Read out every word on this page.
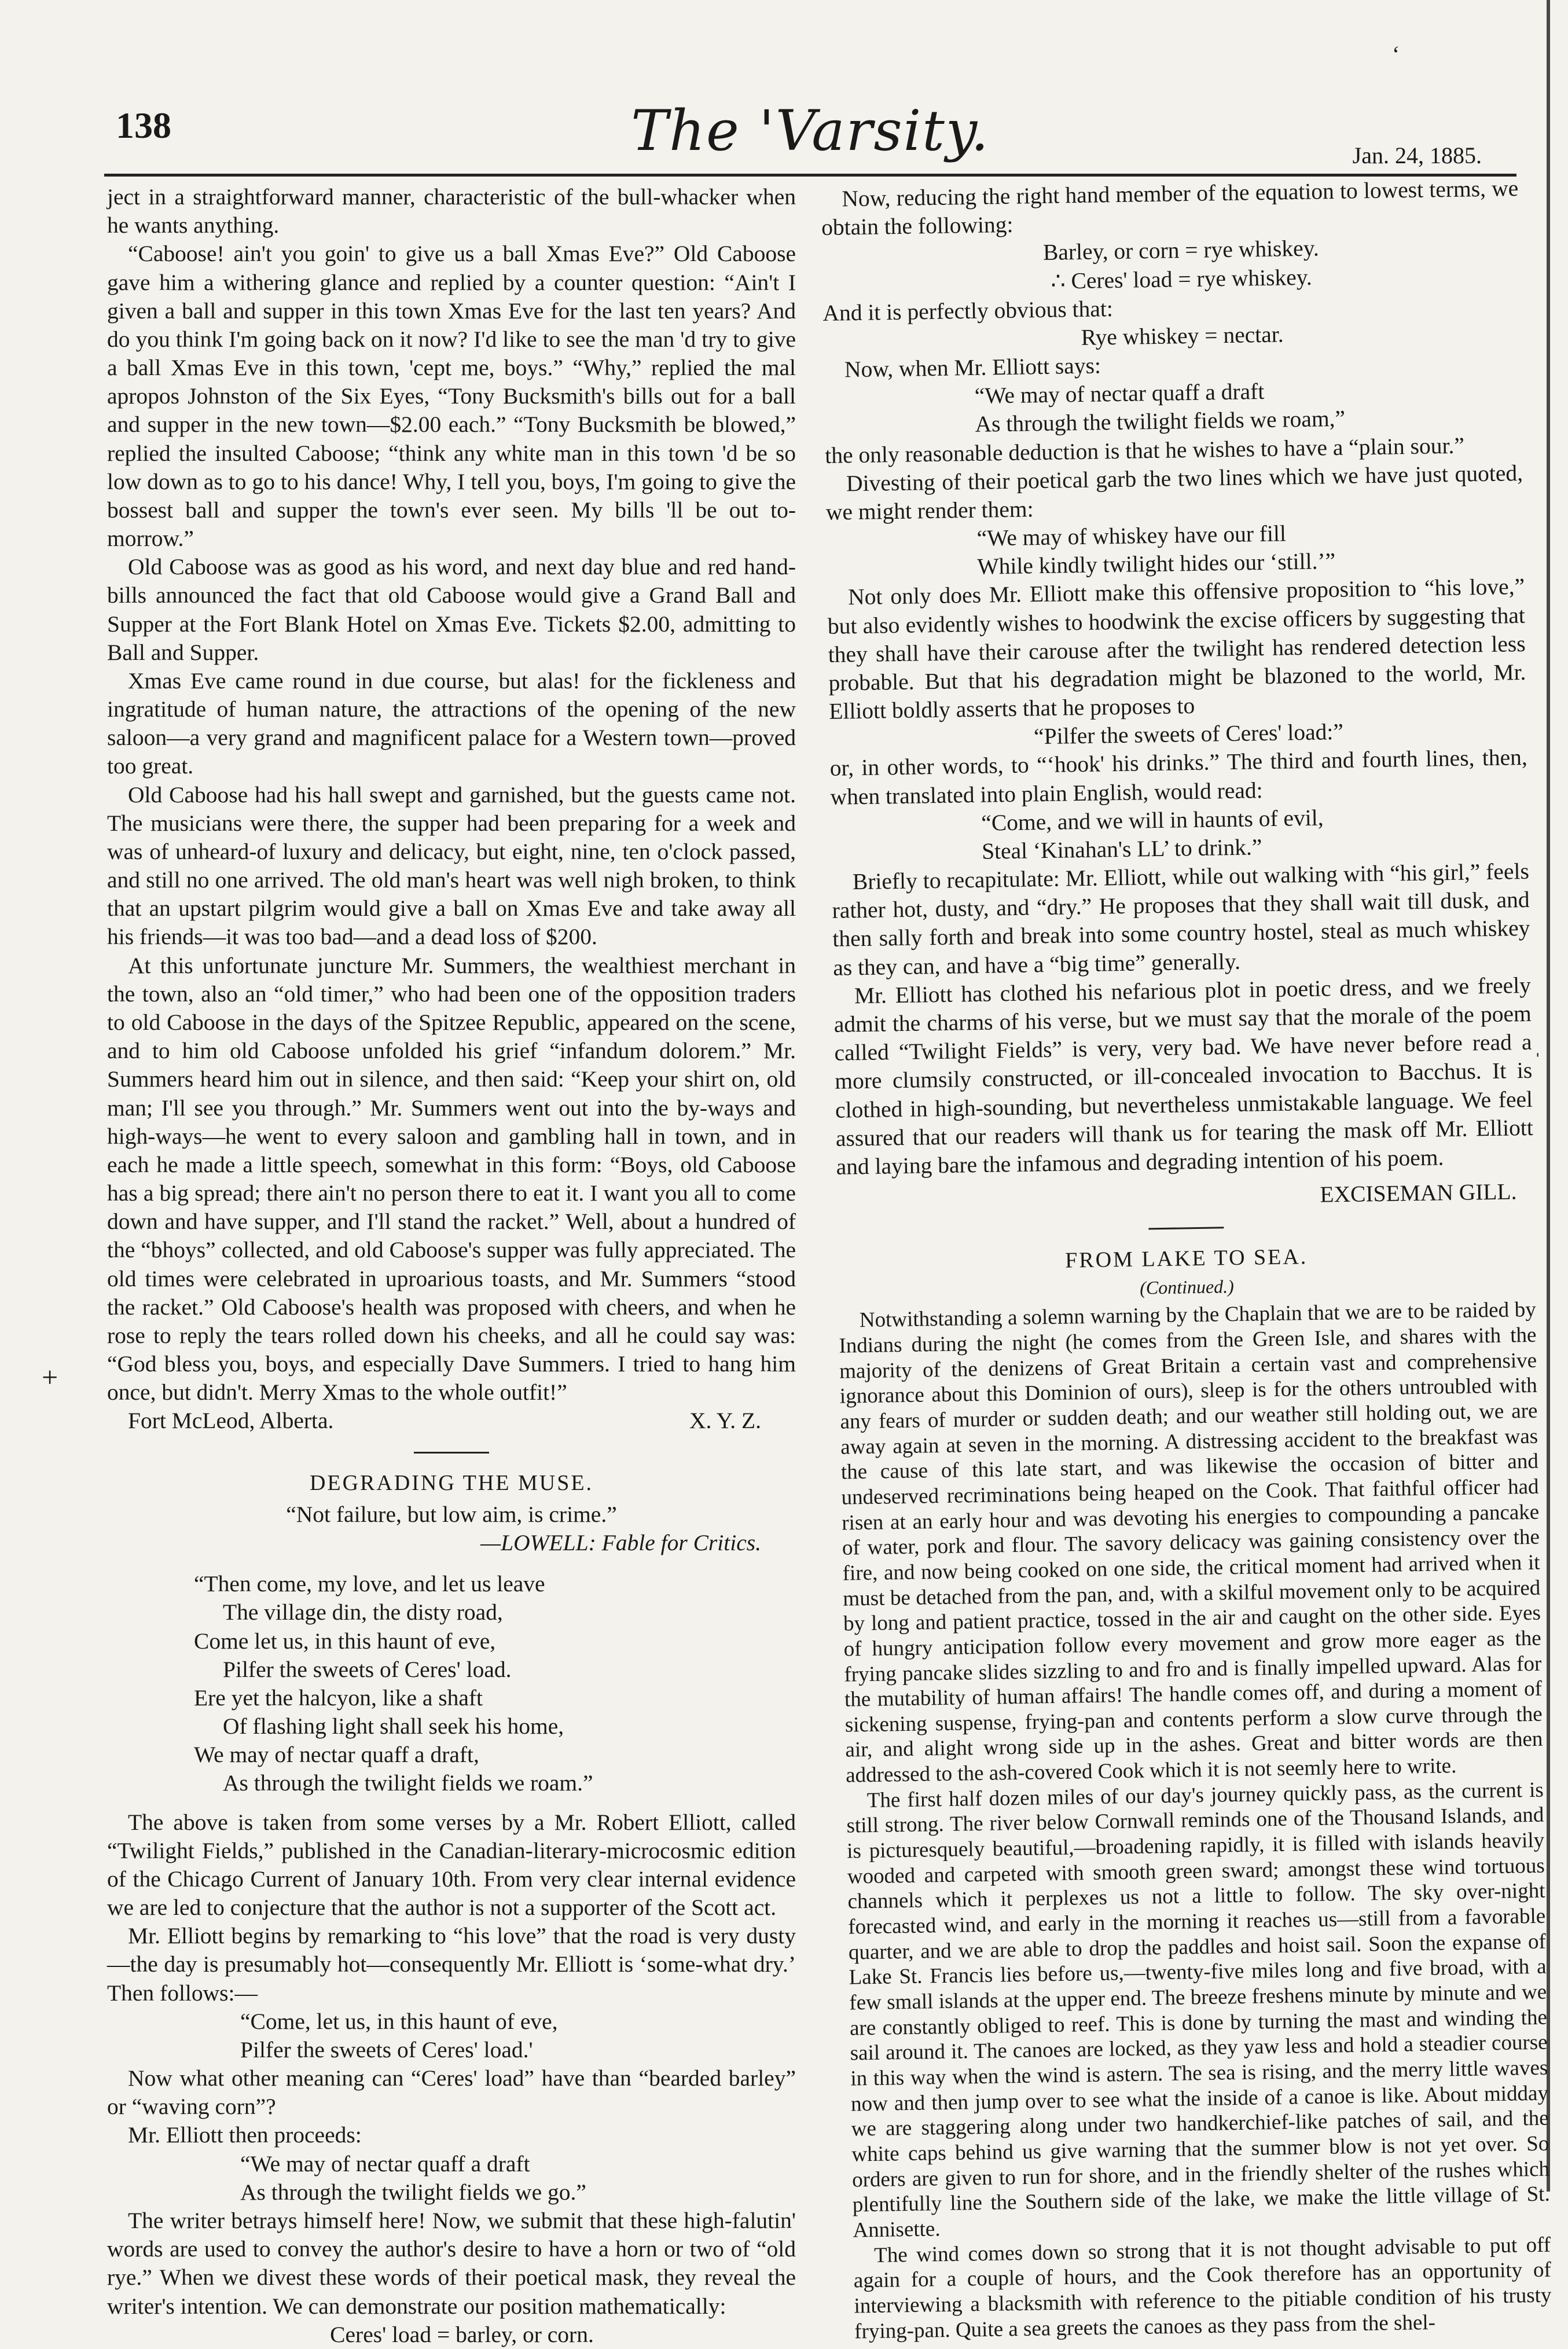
ʻ
ˌ
+
138	The 'Varsity.	Jan. 24, 1885.

ject in a straightforward manner, characteristic of the bull-whacker when he wants anything.

“Caboose! ain't you goin' to give us a ball Xmas Eve?” Old Caboose gave him a withering glance and replied by a counter question: “Ain't I given a ball and supper in this town Xmas Eve for the last ten years? And do you think I'm going back on it now? I'd like to see the man 'd try to give a ball Xmas Eve in this town, 'cept me, boys.” “Why,” replied the mal apropos Johnston of the Six Eyes, “Tony Bucksmith's bills out for a ball and supper in the new town—$2.00 each.” “Tony Bucksmith be blowed,” replied the insulted Caboose; “think any white man in this town 'd be so low down as to go to his dance! Why, I tell you, boys, I'm going to give the bossest ball and supper the town's ever seen. My bills 'll be out to-morrow.”

Old Caboose was as good as his word, and next day blue and red hand-bills announced the fact that old Caboose would give a Grand Ball and Supper at the Fort Blank Hotel on Xmas Eve. Tickets $2.00, admitting to Ball and Supper.

Xmas Eve came round in due course, but alas! for the fickleness and ingratitude of human nature, the attractions of the opening of the new saloon—a very grand and magnificent palace for a Western town—proved too great.

Old Caboose had his hall swept and garnished, but the guests came not. The musicians were there, the supper had been preparing for a week and was of unheard-of luxury and delicacy, but eight, nine, ten o'clock passed, and still no one arrived. The old man's heart was well nigh broken, to think that an upstart pilgrim would give a ball on Xmas Eve and take away all his friends—it was too bad—and a dead loss of $200.

At this unfortunate juncture Mr. Summers, the wealthiest merchant in the town, also an “old timer,” who had been one of the opposition traders to old Caboose in the days of the Spitzee Republic, appeared on the scene, and to him old Caboose unfolded his grief “infandum dolorem.” Mr. Summers heard him out in silence, and then said: “Keep your shirt on, old man; I'll see you through.” Mr. Summers went out into the by-ways and high-ways—he went to every saloon and gambling hall in town, and in each he made a little speech, somewhat in this form: “Boys, old Caboose has a big spread; there ain't no person there to eat it. I want you all to come down and have supper, and I'll stand the racket.” Well, about a hundred of the “bhoys” collected, and old Caboose's supper was fully appreciated. The old times were celebrated in uproarious toasts, and Mr. Summers “stood the racket.” Old Caboose's health was proposed with cheers, and when he rose to reply the tears rolled down his cheeks, and all he could say was: “God bless you, boys, and especially Dave Summers. I tried to hang him once, but didn't. Merry Xmas to the whole outfit!”

Fort McLeod, Alberta.	X. Y. Z.
DEGRADING THE MUSE.

“Not failure, but low aim, is crime.”

—LOWELL: Fable for Critics.

“Then come, my love, and let us leave
The village din, the disty road,
Come let us, in this haunt of eve,
Pilfer the sweets of Ceres' load.
Ere yet the halcyon, like a shaft
Of flashing light shall seek his home,
We may of nectar quaff a draft,
As through the twilight fields we roam.”

The above is taken from some verses by a Mr. Robert Elliott, called “Twilight Fields,” published in the Canadian-literary-microcosmic edition of the Chicago Current of January 10th. From very clear internal evidence we are led to conjecture that the author is not a supporter of the Scott act.

Mr. Elliott begins by remarking to “his love” that the road is very dusty—the day is presumably hot—consequently Mr. Elliott is ‘some-what dry.’ Then follows:—

“Come, let us, in this haunt of eve,
Pilfer the sweets of Ceres' load.'

Now what other meaning can “Ceres' load” have than “bearded barley” or “waving corn”?

Mr. Elliott then proceeds:

“We may of nectar quaff a draft
As through the twilight fields we go.”

The writer betrays himself here! Now, we submit that these high-falutin' words are used to convey the author's desire to have a horn or two of “old rye.” When we divest these words of their poetical mask, they reveal the writer's intention. We can demonstrate our position mathematically:

Ceres' load = barley, or corn.

Now, reducing the right hand member of the equation to lowest terms, we obtain the following:

Barley, or corn = rye whiskey.

∴ Ceres' load = rye whiskey.

And it is perfectly obvious that:

Rye whiskey = nectar.

Now, when Mr. Elliott says:

“We may of nectar quaff a draft
As through the twilight fields we roam,”

the only reasonable deduction is that he wishes to have a “plain sour.”

Divesting of their poetical garb the two lines which we have just quoted, we might render them:

“We may of whiskey have our fill
While kindly twilight hides our ‘still.’”

Not only does Mr. Elliott make this offensive proposition to “his love,” but also evidently wishes to hoodwink the excise officers by suggesting that they shall have their carouse after the twilight has rendered detection less probable. But that his degradation might be blazoned to the world, Mr. Elliott boldly asserts that he proposes to

“Pilfer the sweets of Ceres' load:”

or, in other words, to “‘hook' his drinks.” The third and fourth lines, then, when translated into plain English, would read:

“Come, and we will in haunts of evil,
Steal ‘Kinahan's LL’ to drink.”

Briefly to recapitulate: Mr. Elliott, while out walking with “his girl,” feels rather hot, dusty, and “dry.” He proposes that they shall wait till dusk, and then sally forth and break into some country hostel, steal as much whiskey as they can, and have a “big time” generally.

Mr. Elliott has clothed his nefarious plot in poetic dress, and we freely admit the charms of his verse, but we must say that the morale of the poem called “Twilight Fields” is very, very bad. We have never before read a more clumsily constructed, or ill-concealed invocation to Bacchus. It is clothed in high-sounding, but nevertheless unmistakable language. We feel assured that our readers will thank us for tearing the mask off Mr. Elliott and laying bare the infamous and degrading intention of his poem.

EXCISEMAN GILL.

FROM LAKE TO SEA.
(Continued.)

Notwithstanding a solemn warning by the Chaplain that we are to be raided by Indians during the night (he comes from the Green Isle, and shares with the majority of the denizens of Great Britain a certain vast and comprehensive ignorance about this Dominion of ours), sleep is for the others untroubled with any fears of murder or sudden death; and our weather still holding out, we are away again at seven in the morning. A distressing accident to the breakfast was the cause of this late start, and was likewise the occasion of bitter and undeserved recriminations being heaped on the Cook. That faithful officer had risen at an early hour and was devoting his energies to compounding a pancake of water, pork and flour. The savory delicacy was gaining consistency over the fire, and now being cooked on one side, the critical moment had arrived when it must be detached from the pan, and, with a skilful movement only to be acquired by long and patient practice, tossed in the air and caught on the other side. Eyes of hungry anticipation follow every movement and grow more eager as the frying pancake slides sizzling to and fro and is finally impelled upward. Alas for the mutability of human affairs! The handle comes off, and during a moment of sickening suspense, frying-pan and contents perform a slow curve through the air, and alight wrong side up in the ashes. Great and bitter words are then addressed to the ash-covered Cook which it is not seemly here to write.

The first half dozen miles of our day's journey quickly pass, as the current is still strong. The river below Cornwall reminds one of the Thousand Islands, and is picturesquely beautiful,—broadening rapidly, it is filled with islands heavily wooded and carpeted with smooth green sward; amongst these wind tortuous channels which it perplexes us not a little to follow. The sky over-night forecasted wind, and early in the morning it reaches us—still from a favorable quarter, and we are able to drop the paddles and hoist sail. Soon the expanse of Lake St. Francis lies before us,—twenty-five miles long and five broad, with a few small islands at the upper end. The breeze freshens minute by minute and we are constantly obliged to reef. This is done by turning the mast and winding the sail around it. The canoes are locked, as they yaw less and hold a steadier course in this way when the wind is astern. The sea is rising, and the merry little waves now and then jump over to see what the inside of a canoe is like. About midday we are staggering along under two handkerchief-like patches of sail, and the white caps behind us give warning that the summer blow is not yet over. So orders are given to run for shore, and in the friendly shelter of the rushes which plentifully line the Southern side of the lake, we make the little village of St. Annisette.

The wind comes down so strong that it is not thought advisable to put off again for a couple of hours, and the Cook therefore has an opportunity of interviewing a blacksmith with reference to the pitiable condition of his trusty frying-pan. Quite a sea greets the canoes as they pass from the shel-
